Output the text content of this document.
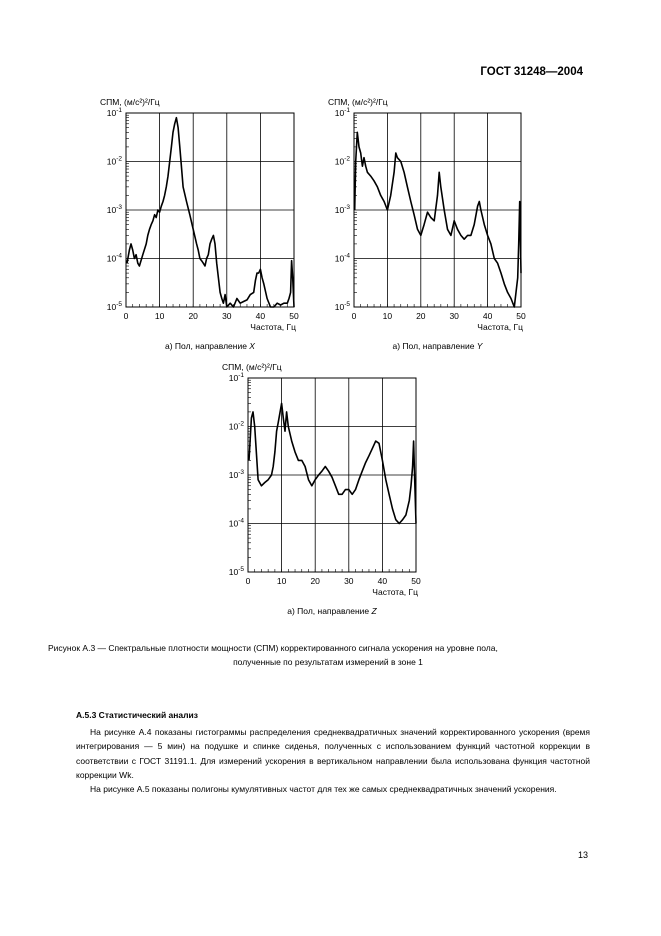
ГОСТ 31248—2004
$10^{-1}$
$10^{-2}$
$10^{-3}$
$10^{-4}$
$10^{-5}$
0	10	20	30	40	50
СПМ, (м/с²)²/Гц
Частота, Гц
а) Пол, направление X
$10^{-1}$
$10^{-2}$
$10^{-3}$
$10^{-4}$
$10^{-5}$
0	10	20	30	40	50
СПМ, (м/с²)²/Гц
Частота, Гц
а) Пол, направление Y
$10^{-1}$
$10^{-2}$
$10^{-3}$
$10^{-4}$
$10^{-5}$
0	10	20	30	40	50
СПМ, (м/с²)²/Гц
Частота, Гц
а) Пол, направление Z
Рисунок А.3 — Спектральные плотности мощности (СПМ) корректированного сигнала ускорения на уровне пола,
полученные по результатам измерений в зоне 1
А.5.3 Статистический анализ
На рисунке А.4 показаны гистограммы распределения среднеквадратичных значений корректированного ускорения (время интегрирования — 5 мин) на подушке и спинке сиденья, полученных с использованием функций частотной коррекции в соответствии с ГОСТ 31191.1. Для измерений ускорения в вертикальном направлении была использована функция частотной коррекции Wk.
На рисунке А.5 показаны полигоны кумулятивных частот для тех же самых среднеквадратичных значений ускорения.
13
